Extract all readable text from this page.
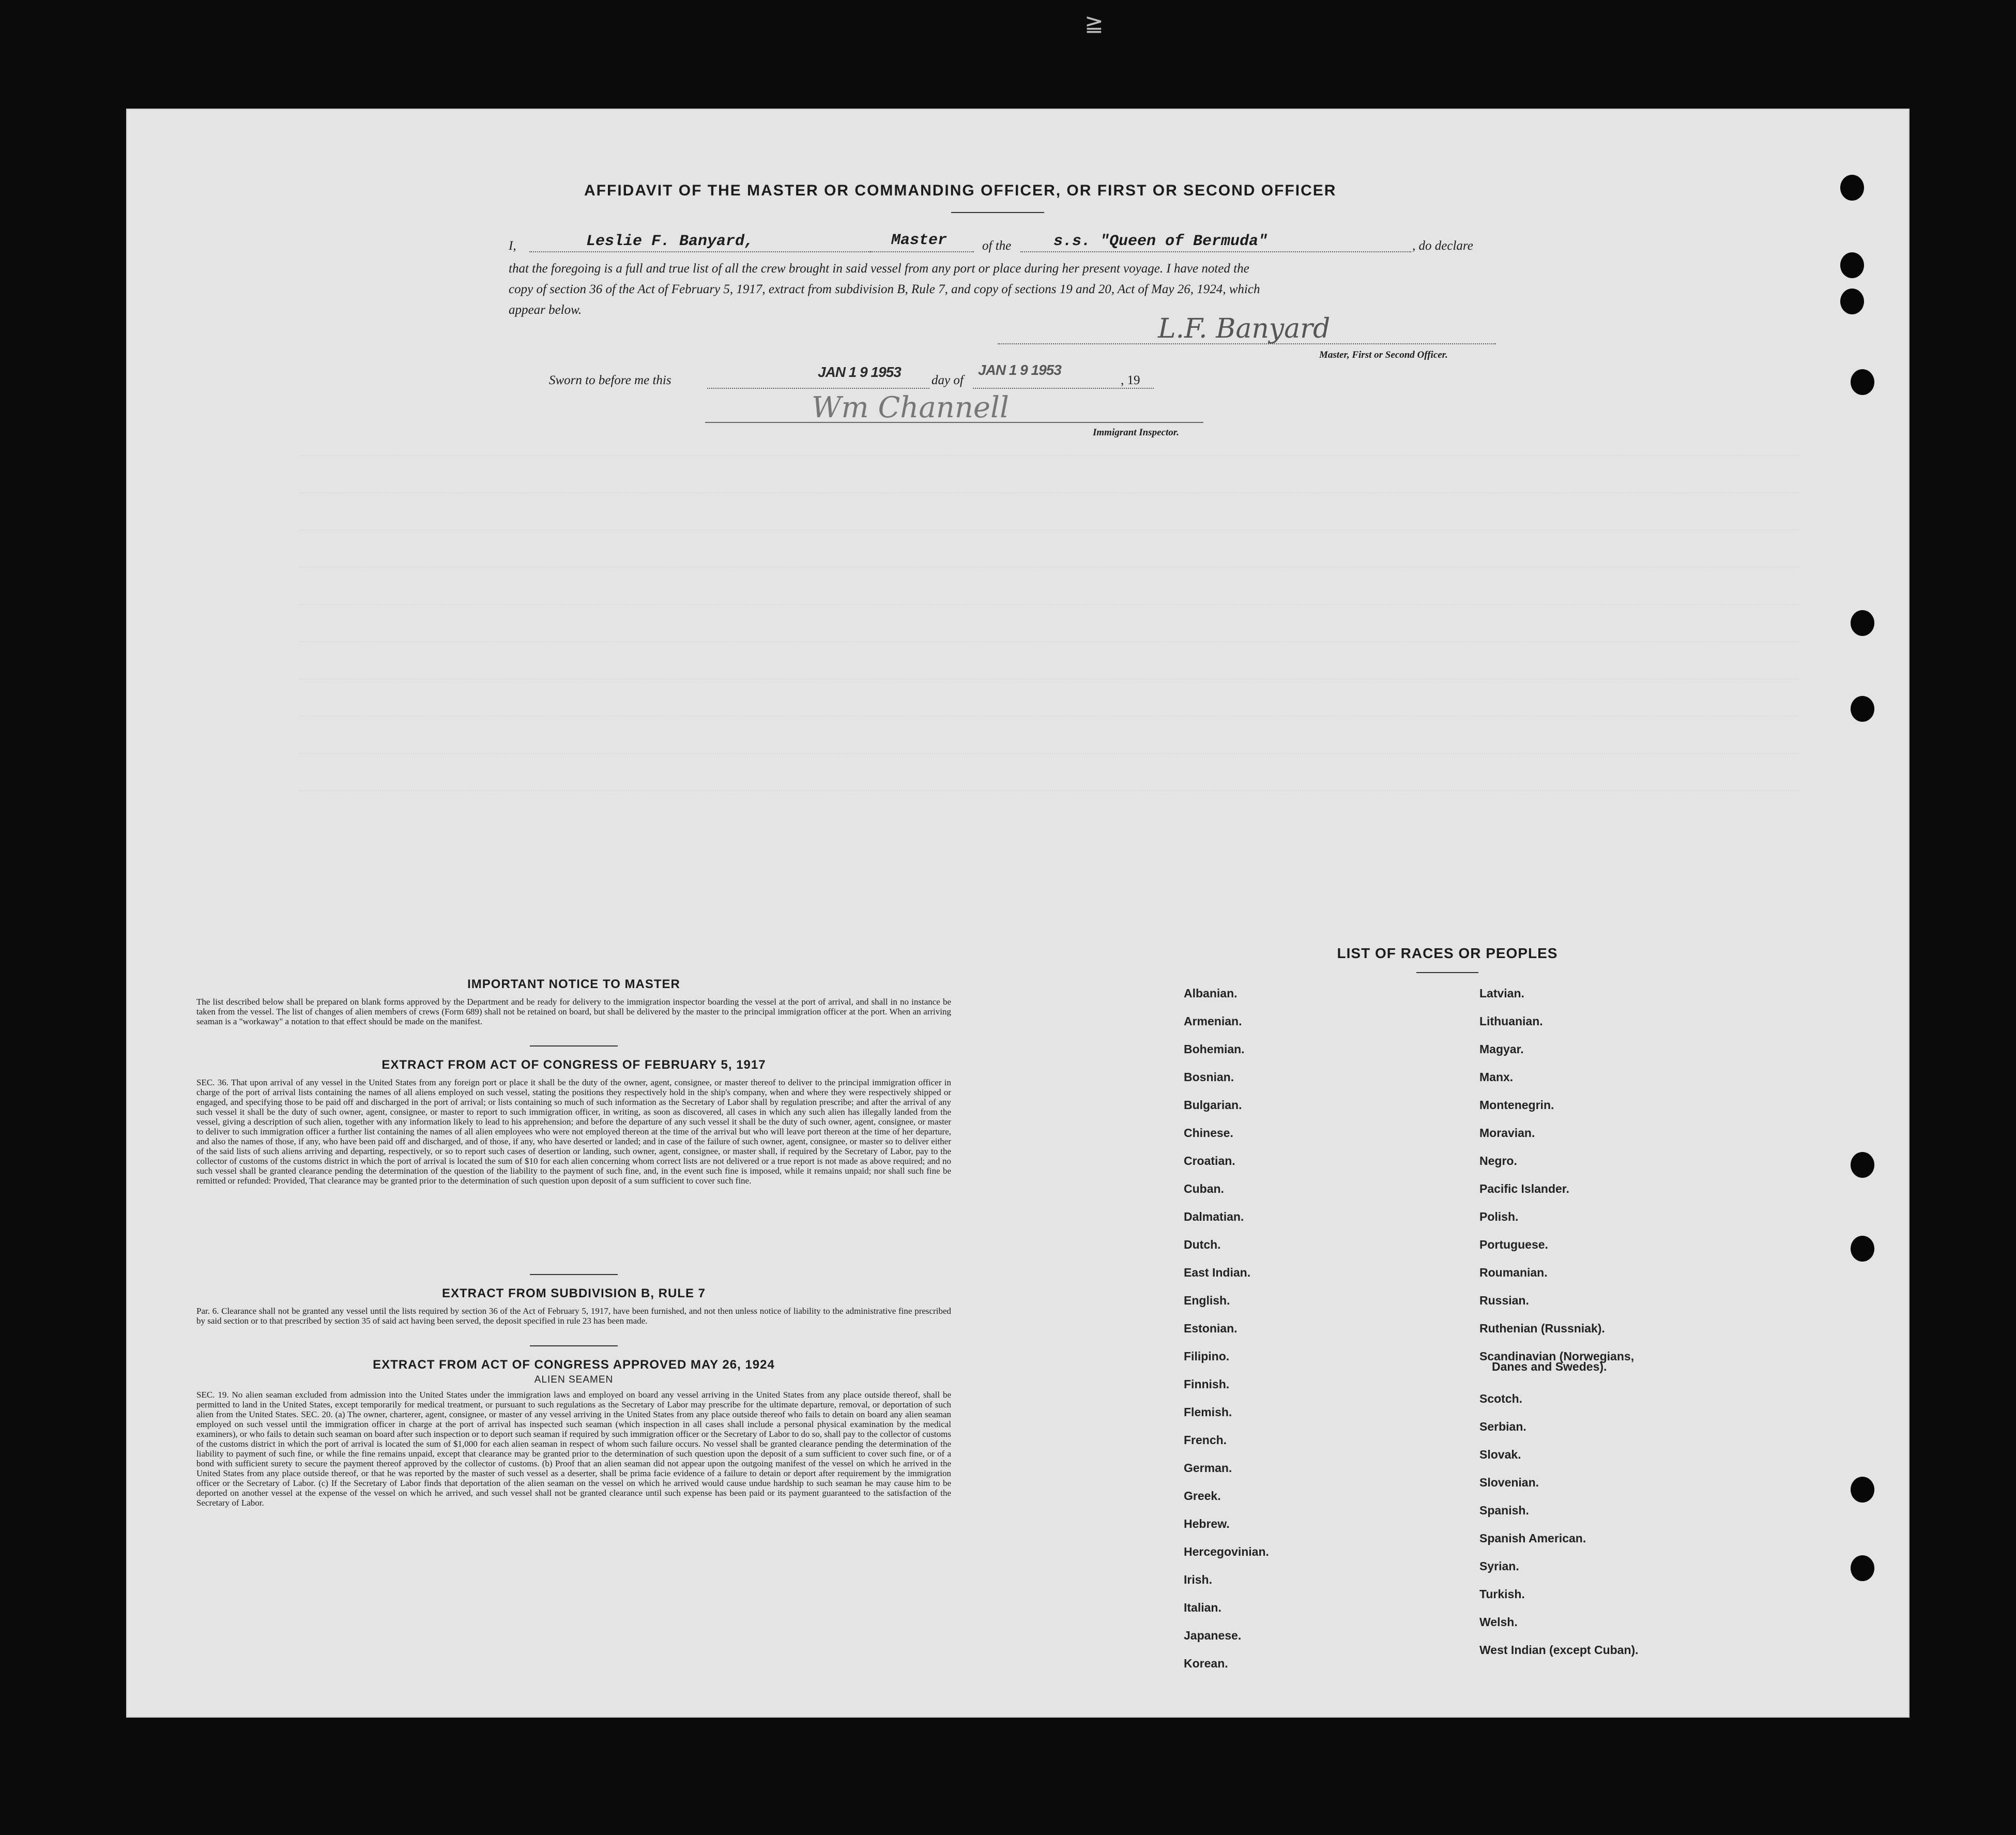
≧
AFFIDAVIT OF THE MASTER OR COMMANDING OFFICER, OR FIRST OR SECOND OFFICER
I,	Leslie F. Banyard,	Master	of the	s.s. "Queen of Bermuda"	, do declare
that the foregoing is a full and true list of all the crew brought in said vessel from any port or place during her present voyage. I have noted the
copy of section 36 of the Act of February 5, 1917, extract from subdivision B, Rule 7, and copy of sections 19 and 20, Act of May 26, 1924, which
appear below.
L.F. Banyard
Master, First or Second Officer.
Sworn to before me this
JAN 1 9 1953
day of
JAN 1 9 1953
, 19
Wm Channell
Immigrant Inspector.
IMPORTANT NOTICE TO MASTER
The list described below shall be prepared on blank forms approved by the Department and be ready for delivery to the immigration inspector boarding the vessel at the port of arrival, and shall in no instance be taken from the vessel. The list of changes of alien members of crews (Form 689) shall not be retained on board, but shall be delivered by the master to the principal immigration officer at the port. When an arriving seaman is a "workaway" a notation to that effect should be made on the manifest.
EXTRACT FROM ACT OF CONGRESS OF FEBRUARY 5, 1917
SEC. 36. That upon arrival of any vessel in the United States from any foreign port or place it shall be the duty of the owner, agent, consignee, or master thereof to deliver to the principal immigration officer in charge of the port of arrival lists containing the names of all aliens employed on such vessel, stating the positions they respectively hold in the ship's company, when and where they were respectively shipped or engaged, and specifying those to be paid off and discharged in the port of arrival; or lists containing so much of such information as the Secretary of Labor shall by regulation prescribe; and after the arrival of any such vessel it shall be the duty of such owner, agent, consignee, or master to report to such immigration officer, in writing, as soon as discovered, all cases in which any such alien has illegally landed from the vessel, giving a description of such alien, together with any information likely to lead to his apprehension; and before the departure of any such vessel it shall be the duty of such owner, agent, consignee, or master to deliver to such immigration officer a further list containing the names of all alien employees who were not employed thereon at the time of the arrival but who will leave port thereon at the time of her departure, and also the names of those, if any, who have been paid off and discharged, and of those, if any, who have deserted or landed; and in case of the failure of such owner, agent, consignee, or master so to deliver either of the said lists of such aliens arriving and departing, respectively, or so to report such cases of desertion or landing, such owner, agent, consignee, or master shall, if required by the Secretary of Labor, pay to the collector of customs of the customs district in which the port of arrival is located the sum of $10 for each alien concerning whom correct lists are not delivered or a true report is not made as above required; and no such vessel shall be granted clearance pending the determination of the question of the liability to the payment of such fine, and, in the event such fine is imposed, while it remains unpaid; nor shall such fine be remitted or refunded: Provided, That clearance may be granted prior to the determination of such question upon deposit of a sum sufficient to cover such fine.
EXTRACT FROM SUBDIVISION B, RULE 7
Par. 6. Clearance shall not be granted any vessel until the lists required by section 36 of the Act of February 5, 1917, have been furnished, and not then unless notice of liability to the administrative fine prescribed by said section or to that prescribed by section 35 of said act having been served, the deposit specified in rule 23 has been made.
EXTRACT FROM ACT OF CONGRESS APPROVED MAY 26, 1924
ALIEN SEAMEN
SEC. 19. No alien seaman excluded from admission into the United States under the immigration laws and employed on board any vessel arriving in the United States from any place outside thereof, shall be permitted to land in the United States, except temporarily for medical treatment, or pursuant to such regulations as the Secretary of Labor may prescribe for the ultimate departure, removal, or deportation of such alien from the United States. SEC. 20. (a) The owner, charterer, agent, consignee, or master of any vessel arriving in the United States from any place outside thereof who fails to detain on board any alien seaman employed on such vessel until the immigration officer in charge at the port of arrival has inspected such seaman (which inspection in all cases shall include a personal physical examination by the medical examiners), or who fails to detain such seaman on board after such inspection or to deport such seaman if required by such immigration officer or the Secretary of Labor to do so, shall pay to the collector of customs of the customs district in which the port of arrival is located the sum of $1,000 for each alien seaman in respect of whom such failure occurs. No vessel shall be granted clearance pending the determination of the liability to payment of such fine, or while the fine remains unpaid, except that clearance may be granted prior to the determination of such question upon the deposit of a sum sufficient to cover such fine, or of a bond with sufficient surety to secure the payment thereof approved by the collector of customs. (b) Proof that an alien seaman did not appear upon the outgoing manifest of the vessel on which he arrived in the United States from any place outside thereof, or that he was reported by the master of such vessel as a deserter, shall be prima facie evidence of a failure to detain or deport after requirement by the immigration officer or the Secretary of Labor. (c) If the Secretary of Labor finds that deportation of the alien seaman on the vessel on which he arrived would cause undue hardship to such seaman he may cause him to be deported on another vessel at the expense of the vessel on which he arrived, and such vessel shall not be granted clearance until such expense has been paid or its payment guaranteed to the satisfaction of the Secretary of Labor.
LIST OF RACES OR PEOPLES
Albanian.
Armenian.
Bohemian.
Bosnian.
Bulgarian.
Chinese.
Croatian.
Cuban.
Dalmatian.
Dutch.
East Indian.
English.
Estonian.
Filipino.
Finnish.
Flemish.
French.
German.
Greek.
Hebrew.
Hercegovinian.
Irish.
Italian.
Japanese.
Korean.
Latvian.
Lithuanian.
Magyar.
Manx.
Montenegrin.
Moravian.
Negro.
Pacific Islander.
Polish.
Portuguese.
Roumanian.
Russian.
Ruthenian (Russniak).
Scandinavian (Norwegians,
Danes and Swedes).
Scotch.
Serbian.
Slovak.
Slovenian.
Spanish.
Spanish American.
Syrian.
Turkish.
Welsh.
West Indian (except Cuban).
